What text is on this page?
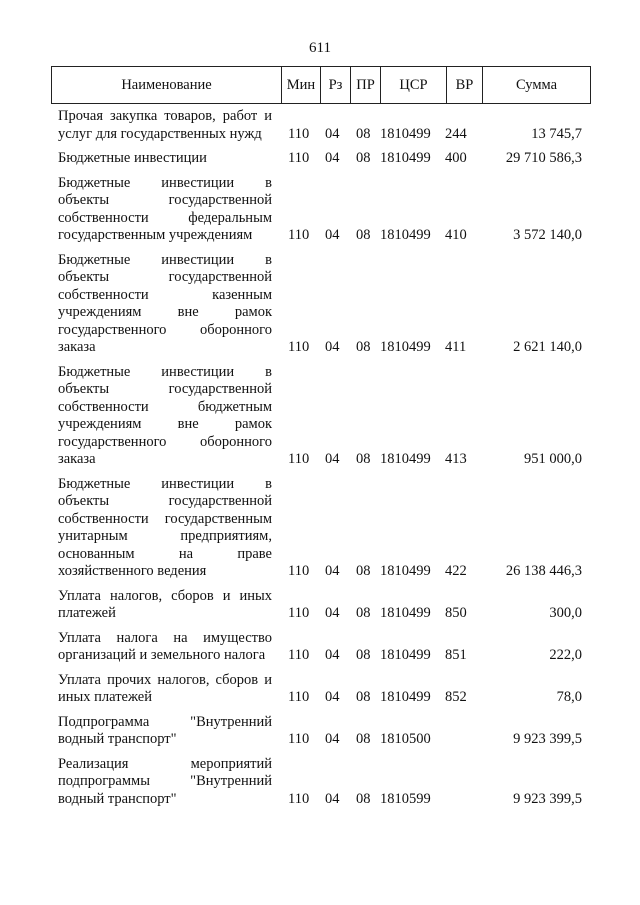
611
Наименование	Мин Рз ПР	ЦСР	ВР	Сумма
Прочая закупка товаров, работ и
услуг для государственных нужд	110 04 08 1810499 244	13 745,7
Бюджетные инвестиции	110 04 08 1810499 400	29 710 586,3
Бюджетные инвестиции в
объекты государственной
собственности федеральным
государственным учреждениям	110 04 08 1810499 410	3 572 140,0
Бюджетные инвестиции в
объекты государственной
собственности казенным
учреждениям вне рамок
государственного оборонного
заказа	110 04 08 1810499 411	2 621 140,0
Бюджетные инвестиции в
объекты государственной
собственности бюджетным
учреждениям вне рамок
государственного оборонного
заказа	110 04 08 1810499 413	951 000,0
Бюджетные инвестиции в
объекты государственной
собственности государственным
унитарным предприятиям,
основанным на праве
хозяйственного ведения	110 04 08 1810499 422	26 138 446,3
Уплата налогов, сборов и иных
платежей	110 04 08 1810499 850	300,0
Уплата налога на имущество
организаций и земельного налога	110 04 08 1810499 851	222,0
Уплата прочих налогов, сборов и
иных платежей	110 04 08 1810499 852	78,0
Подпрограмма "Внутренний
водный транспорт"	110 04 08 1810500	9 923 399,5
Реализация мероприятий
подпрограммы "Внутренний
водный транспорт"	110 04 08 1810599	9 923 399,5
